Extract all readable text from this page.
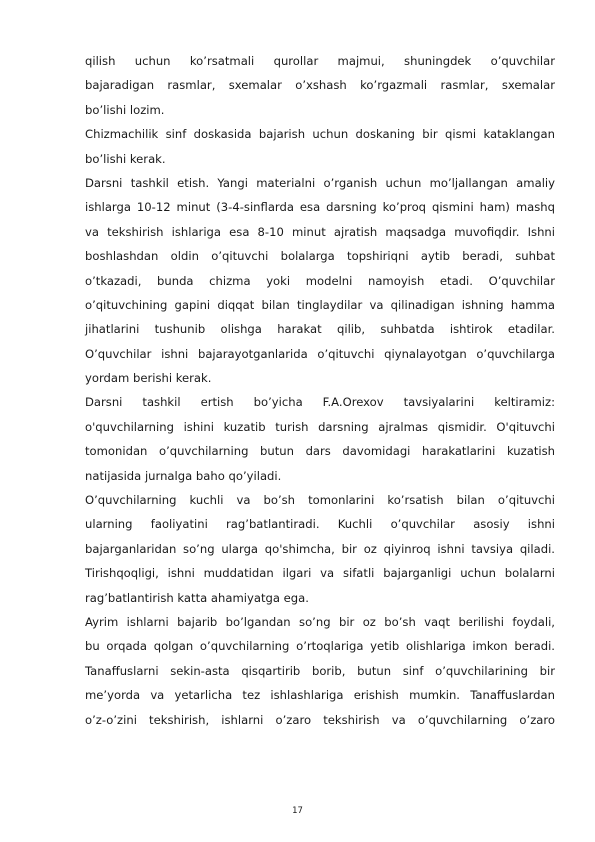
qilish uchun ko’rsatmali qurollar majmui, shuningdek o’quvchilar
bajaradigan rasmlar, sxemalar o’xshash ko’rgazmali rasmlar, sxemalar
bo’lishi lozim.
Chizmachilik sinf doskasida bajarish uchun doskaning bir qismi kataklangan
bo’lishi kerak.
Darsni tashkil etish. Yangi materialni o’rganish uchun mo’ljallangan amaliy
ishlarga 10-12 minut (3-4-sinflarda esa darsning ko’proq qismini ham) mashq
va tekshirish ishlariga esa 8-10 minut ajratish maqsadga muvofiqdir. Ishni
boshlashdan oldin o’qituvchi bolalarga topshiriqni aytib beradi, suhbat
o’tkazadi, bunda chizma yoki modelni namoyish etadi. O’quvchilar
o’qituvchining gapini diqqat bilan tinglaydilar va qilinadigan ishning hamma
jihatlarini tushunib olishga harakat qilib, suhbatda ishtirok etadilar.
O’quvchilar ishni bajarayotganlarida o’qituvchi qiynalayotgan o’quvchilarga
yordam berishi kerak.
Darsni tashkil ertish bo’yicha F.A.Orexov tavsiyalarini keltiramiz:
o'quvchilarning ishini kuzatib turish darsning ajralmas qismidir. O'qituvchi
tomonidan o’quvchilarning butun dars davomidagi harakatlarini kuzatish
natijasida jurnalga baho qo’yiladi.
O’quvchilarning kuchli va bo’sh tomonlarini ko’rsatish bilan o’qituvchi
ularning faoliyatini rag’batlantiradi. Kuchli o’quvchilar asosiy ishni
bajarganlaridan so’ng ularga qo'shimcha, bir oz qiyinroq ishni tavsiya qiladi.
Tirishqoqligi, ishni muddatidan ilgari va sifatli bajarganligi uchun bolalarni
rag’batlantirish katta ahamiyatga ega.
Ayrim ishlarni bajarib bo’lgandan so’ng bir oz bo’sh vaqt berilishi foydali,
bu orqada qolgan o’quvchilarning o’rtoqlariga yetib olishlariga imkon beradi.
Tanaffuslarni sekin-asta qisqartirib borib, butun sinf o’quvchilarining bir
me’yorda va yetarlicha tez ishlashlariga erishish mumkin. Tanaffuslardan
o’z-o’zini tekshirish, ishlarni o’zaro tekshirish va o’quvchilarning o’zaro
17
